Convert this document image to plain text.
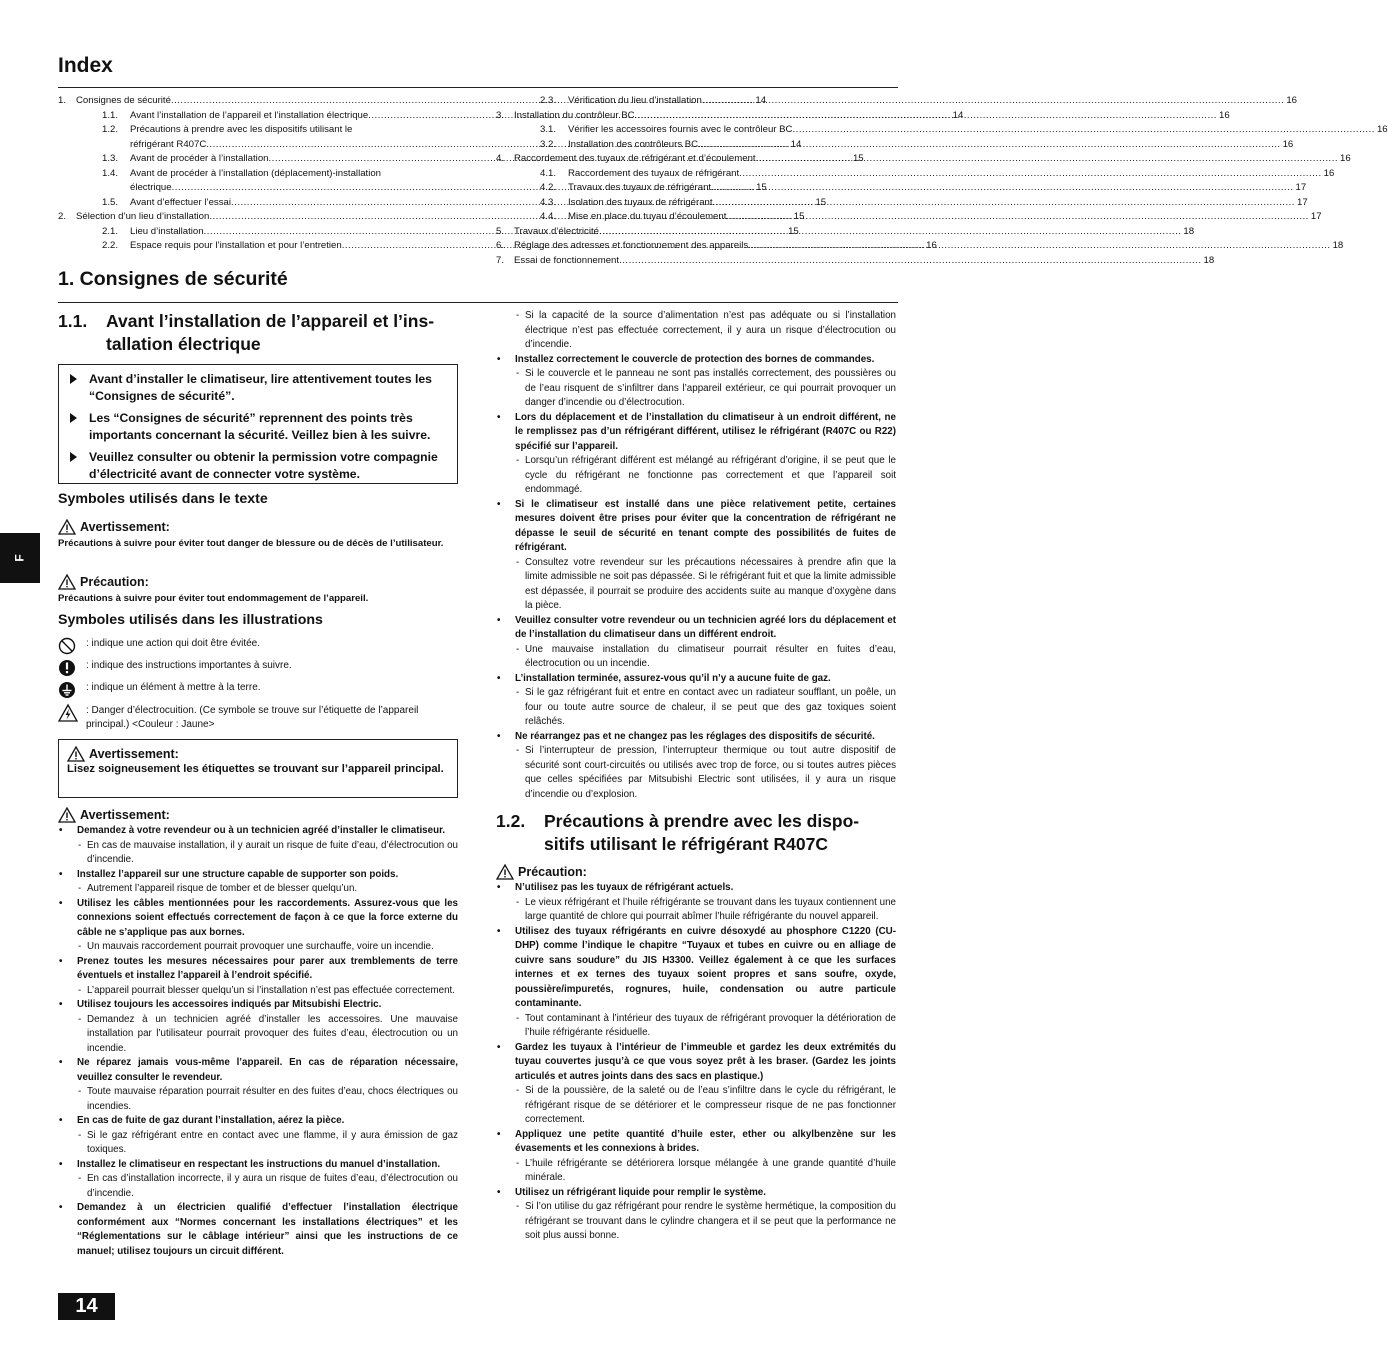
Index
1.	Consignes de sécurité .....	14
1.1.	Avant l’installation de l’appareil et l’installation électrique .....	14
1.2.	Précautions à prendre avec les dispositifs utilisant le
réfrigérant R407C .....	14
1.3.	Avant de procéder à l’installation .....	15
1.4.	Avant de procéder à l’installation (déplacement)-installation
électrique .....	15
1.5.	Avant d’effectuer l’essai .....	15
2.	Sélection d’un lieu d’installation .....	15
2.1.	Lieu d’installation .....	15
2.2.	Espace requis pour l’installation et pour l’entretien .....	16
2.3.	Vérification du lieu d’installation .....	16
3.	Installation du contrôleur BC .....	16
3.1.	Vérifier les accessoires fournis avec le contrôleur BC .....	16
3.2.	Installation des contrôleurs BC .....	16
4.	Raccordement des tuyaux de réfrigérant et d’écoulement .....	16
4.1.	Raccordement des tuyaux de réfrigérant .....	16
4.2.	Travaux des tuyaux de réfrigérant .....	17
4.3.	Isolation des tuyaux de réfrigérant .....	17
4.4.	Mise en place du tuyau d’écoulement .....	17
5.	Travaux d’électricité .....	18
6.	Réglage des adresses et fonctionnement des appareils .....	18
7.	Essai de fonctionnement .....	18
1. Consignes de sécurité
1.1. Avant l’installation de l’appareil et l’ins-
tallation électrique
Avant d’installer le climatiseur, lire attentivement toutes les “Consignes de sécurité”.
Les “Consignes de sécurité” reprennent des points très importants concernant la sécurité. Veillez bien à les suivre.
Veuillez consulter ou obtenir la permission votre compagnie d’électricité avant de connecter votre système.
Symboles utilisés dans le texte
Avertissement:
Précautions à suivre pour éviter tout danger de blessure ou de décès de l’utilisateur.
Précaution:
Précautions à suivre pour éviter tout endommagement de l’appareil.
Symboles utilisés dans les illustrations
: indique une action qui doit être évitée.
: indique des instructions importantes à suivre.
: indique un élément à mettre à la terre.
: Danger d’électrocuition. (Ce symbole se trouve sur l’étiquette de l’appareil principal.) <Couleur : Jaune>
Avertissement:
Lisez soigneusement les étiquettes se trouvant sur l’appareil principal.
Avertissement:
• Demandez à votre revendeur ou à un technicien agréé d’installer le climatiseur.
- En cas de mauvaise installation, il y aurait un risque de fuite d’eau, d’électrocution ou d’incendie.
• Installez l’appareil sur une structure capable de supporter son poids.
- Autrement l’appareil risque de tomber et de blesser quelqu’un.
• Utilisez les câbles mentionnées pour les raccordements. Assurez-vous que les connexions soient effectués correctement de façon à ce que la force externe du câble ne s’applique pas aux bornes.
- Un mauvais raccordement pourrait provoquer une surchauffe, voire un incendie.
• Prenez toutes les mesures nécessaires pour parer aux tremblements de terre éventuels et installez l’appareil à l’endroit spécifié.
- L’appareil pourrait blesser quelqu’un si l’installation n’est pas effectuée correctement.
• Utilisez toujours les accessoires indiqués par Mitsubishi Electric.
- Demandez à un technicien agréé d’installer les accessoires. Une mauvaise installation par l’utilisateur pourrait provoquer des fuites d’eau, électrocution ou un incendie.
• Ne réparez jamais vous-même l’appareil. En cas de réparation nécessaire, veuillez consulter le revendeur.
- Toute mauvaise réparation pourrait résulter en des fuites d’eau, chocs électriques ou incendies.
• En cas de fuite de gaz durant l’installation, aérez la pièce.
- Si le gaz réfrigérant entre en contact avec une flamme, il y aura émission de gaz toxiques.
• Installez le climatiseur en respectant les instructions du manuel d’installation.
- En cas d’installation incorrecte, il y aura un risque de fuites d’eau, d’électrocution ou d’incendie.
• Demandez à un électricien qualifié d’effectuer l’installation électrique conformément aux “Normes concernant les installations électriques” et les “Réglementations sur le câblage intérieur” ainsi que les instructions de ce manuel; utilisez toujours un circuit différent.
- Si la capacité de la source d’alimentation n’est pas adéquate ou si l’installation électrique n’est pas effectuée correctement, il y aura un risque d’électrocution ou d’incendie.
• Installez correctement le couvercle de protection des bornes de commandes.
- Si le couvercle et le panneau ne sont pas installés correctement, des poussières ou de l’eau risquent de s’infiltrer dans l’appareil extérieur, ce qui pourrait provoquer un danger d’incendie ou d’électrocution.
• Lors du déplacement et de l’installation du climatiseur à un endroit différent, ne le remplissez pas d’un réfrigérant différent, utilisez le réfrigérant (R407C ou R22) spécifié sur l’appareil.
- Lorsqu’un réfrigérant différent est mélangé au réfrigérant d’origine, il se peut que le cycle du réfrigérant ne fonctionne pas correctement et que l’appareil soit endommagé.
• Si le climatiseur est installé dans une pièce relativement petite, certaines mesures doivent être prises pour éviter que la concentration de réfrigérant ne dépasse le seuil de sécurité en tenant compte des possibilités de fuites de réfrigérant.
- Consultez votre revendeur sur les précautions nécessaires à prendre afin que la limite admissible ne soit pas dépassée. Si le réfrigérant fuit et que la limite admissible est dépassée, il pourrait se produire des accidents suite au manque d’oxygène dans la pièce.
• Veuillez consulter votre revendeur ou un technicien agréé lors du déplacement et de l’installation du climatiseur dans un différent endroit.
- Une mauvaise installation du climatiseur pourrait résulter en fuites d’eau, électrocution ou un incendie.
• L’installation terminée, assurez-vous qu’il n’y a aucune fuite de gaz.
- Si le gaz réfrigérant fuit et entre en contact avec un radiateur soufflant, un poêle, un four ou toute autre source de chaleur, il se peut que des gaz toxiques soient relâchés.
• Ne réarrangez pas et ne changez pas les réglages des dispositifs de sécurité.
- Si l’interrupteur de pression, l’interrupteur thermique ou tout autre dispositif de sécurité sont court-circuités ou utilisés avec trop de force, ou si toutes autres pièces que celles spécifiées par Mitsubishi Electric sont utilisées, il y aura un risque d’incendie ou d’explosion.
1.2. Précautions à prendre avec les dispo-
sitifs utilisant le réfrigérant R407C
Précaution:
• N’utilisez pas les tuyaux de réfrigérant actuels.
- Le vieux réfrigérant et l’huile réfrigérante se trouvant dans les tuyaux contiennent une large quantité de chlore qui pourrait abîmer l’huile réfrigérante du nouvel appareil.
• Utilisez des tuyaux réfrigérants en cuivre désoxydé au phosphore C1220 (CU-DHP) comme l’indique le chapitre “Tuyaux et tubes en cuivre ou en alliage de cuivre sans soudure” du JIS H3300. Veillez également à ce que les surfaces internes et ex ternes des tuyaux soient propres et sans soufre, oxyde, poussière/impuretés, rognures, huile, condensation ou autre particule contaminante.
- Tout contaminant à l’intérieur des tuyaux de réfrigérant provoquer la détérioration de l’huile réfrigérante résiduelle.
• Gardez les tuyaux à l’intérieur de l’immeuble et gardez les deux extrémités du tuyau couvertes jusqu’à ce que vous soyez prêt à les braser. (Gardez les joints articulés et autres joints dans des sacs en plastique.)
- Si de la poussière, de la saleté ou de l’eau s’infiltre dans le cycle du réfrigérant, le réfrigérant risque de se détériorer et le compresseur risque de ne pas fonctionner correctement.
• Appliquez une petite quantité d’huile ester, ether ou alkylbenzène sur les évasements et les connexions à brides.
- L’huile réfrigérante se détériorera lorsque mélangée à une grande quantité d’huile minérale.
• Utilisez un réfrigérant liquide pour remplir le système.
- Si l’on utilise du gaz réfrigérant pour rendre le système hermétique, la composition du réfrigérant se trouvant dans le cylindre changera et il se peut que la performance ne soit plus aussi bonne.
F
14
